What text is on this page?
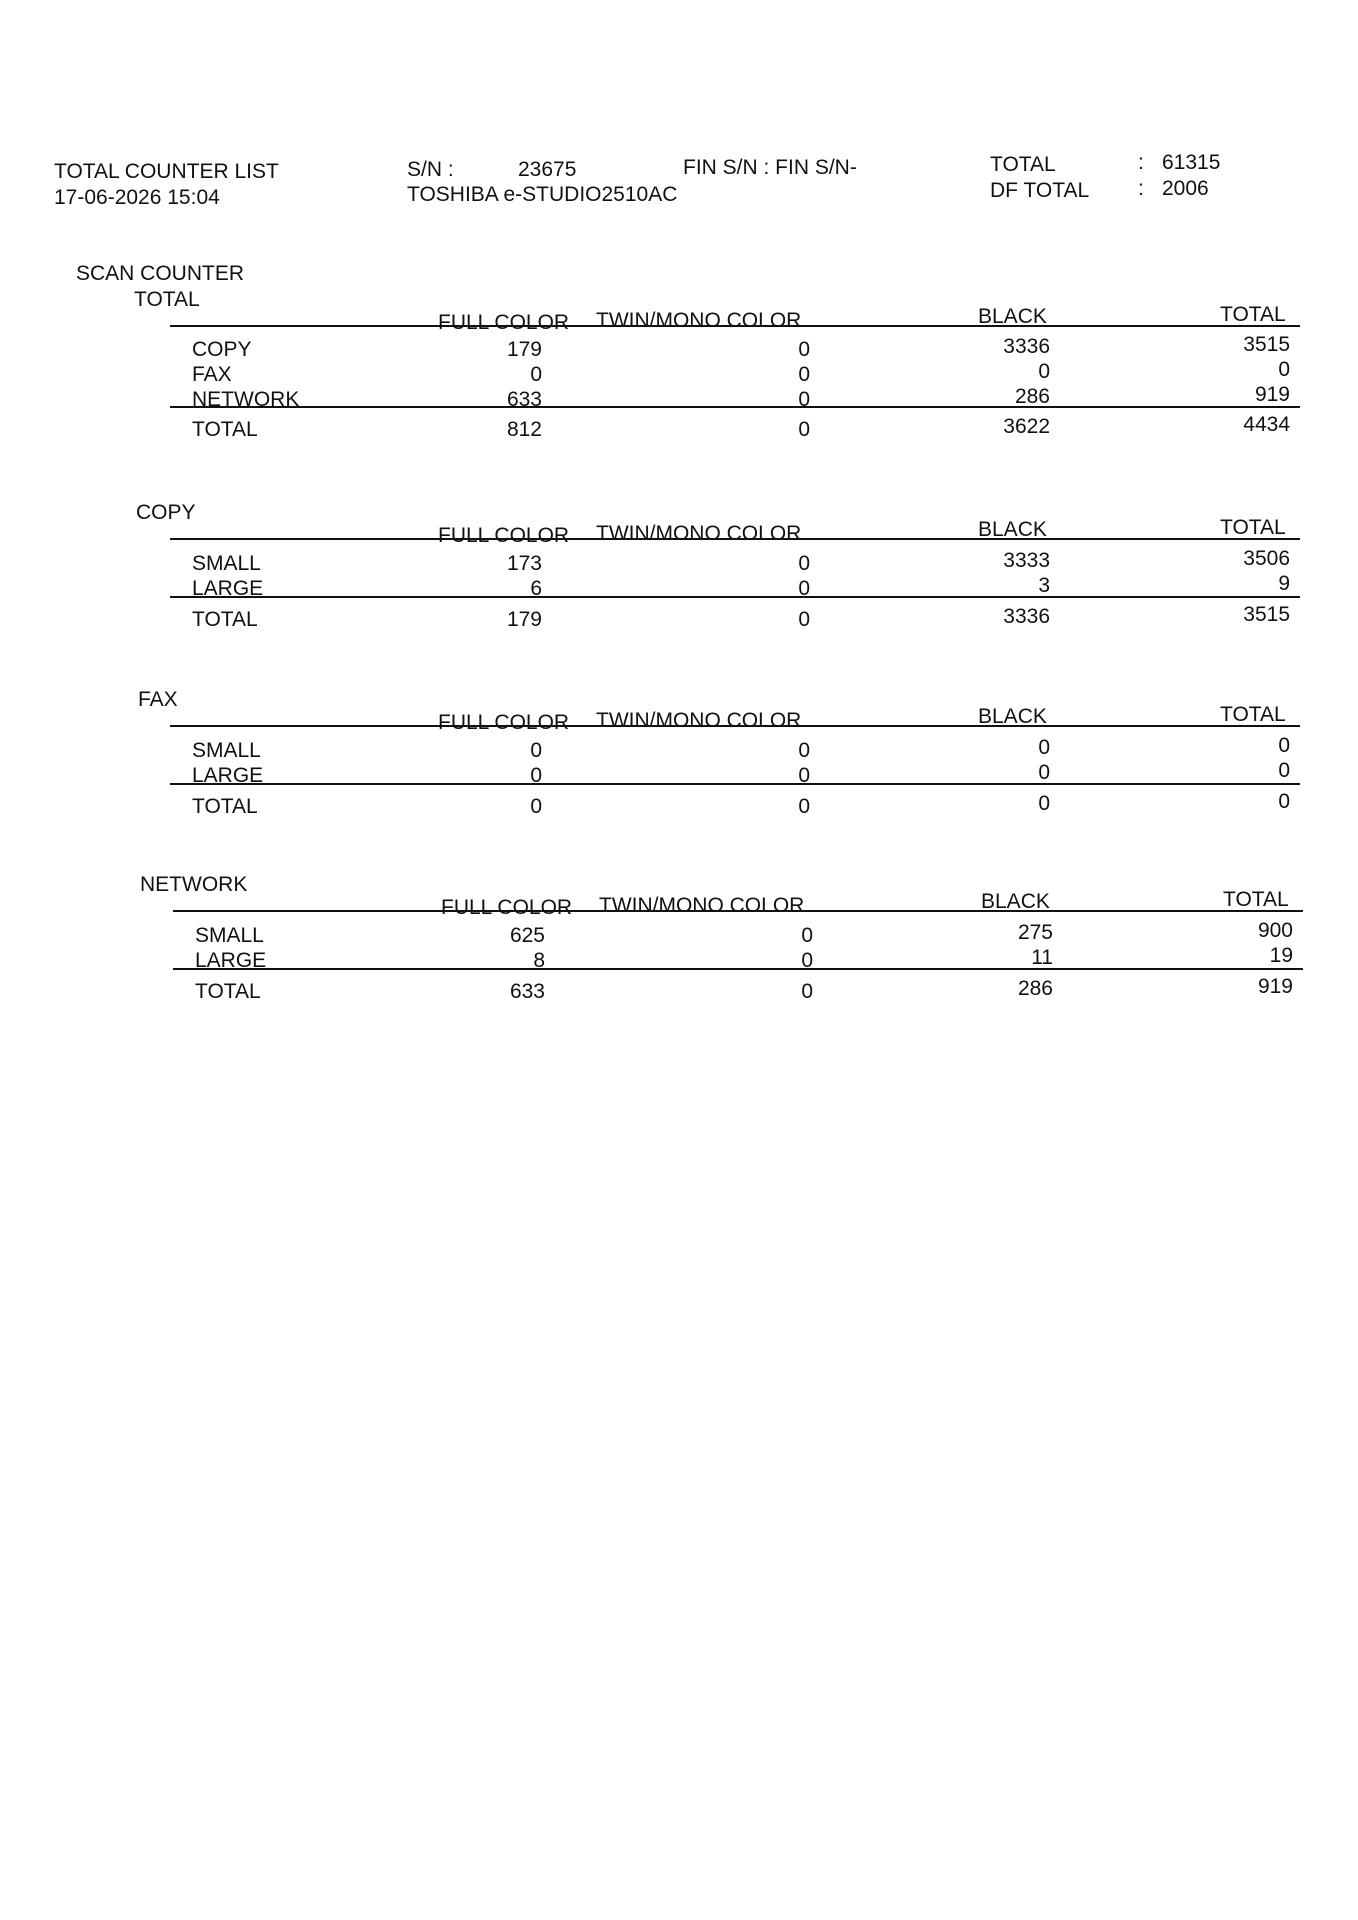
TOTAL COUNTER LIST
17-06-2026 15:04
S/N :	23675	FIN S/N : FIN S/N-
TOSHIBA e-STUDIO2510AC
TOTAL	: 61315
DF TOTAL : 2006
SCAN COUNTER
TOTAL
FULL COLOR TWIN/MONO COLOR	BLACK	TOTAL
COPY	179	0	3336	3515
FAX	0	0	0	0
NETWORK	633	0	286	919
TOTAL	812	0	3622	4434
COPY
FULL COLOR TWIN/MONO COLOR	BLACK	TOTAL
SMALL	173	0	3333	3506
LARGE	6	0	3	9
TOTAL	179	0	3336	3515
FAX
FULL COLOR TWIN/MONO COLOR	BLACK	TOTAL
SMALL	0	0	0	0
LARGE	0	0	0	0
TOTAL	0	0	0	0
NETWORK
FULL COLOR TWIN/MONO COLOR	BLACK	TOTAL
SMALL	625	0	275	900
LARGE	8	0	11	19
TOTAL	633	0	286	919
